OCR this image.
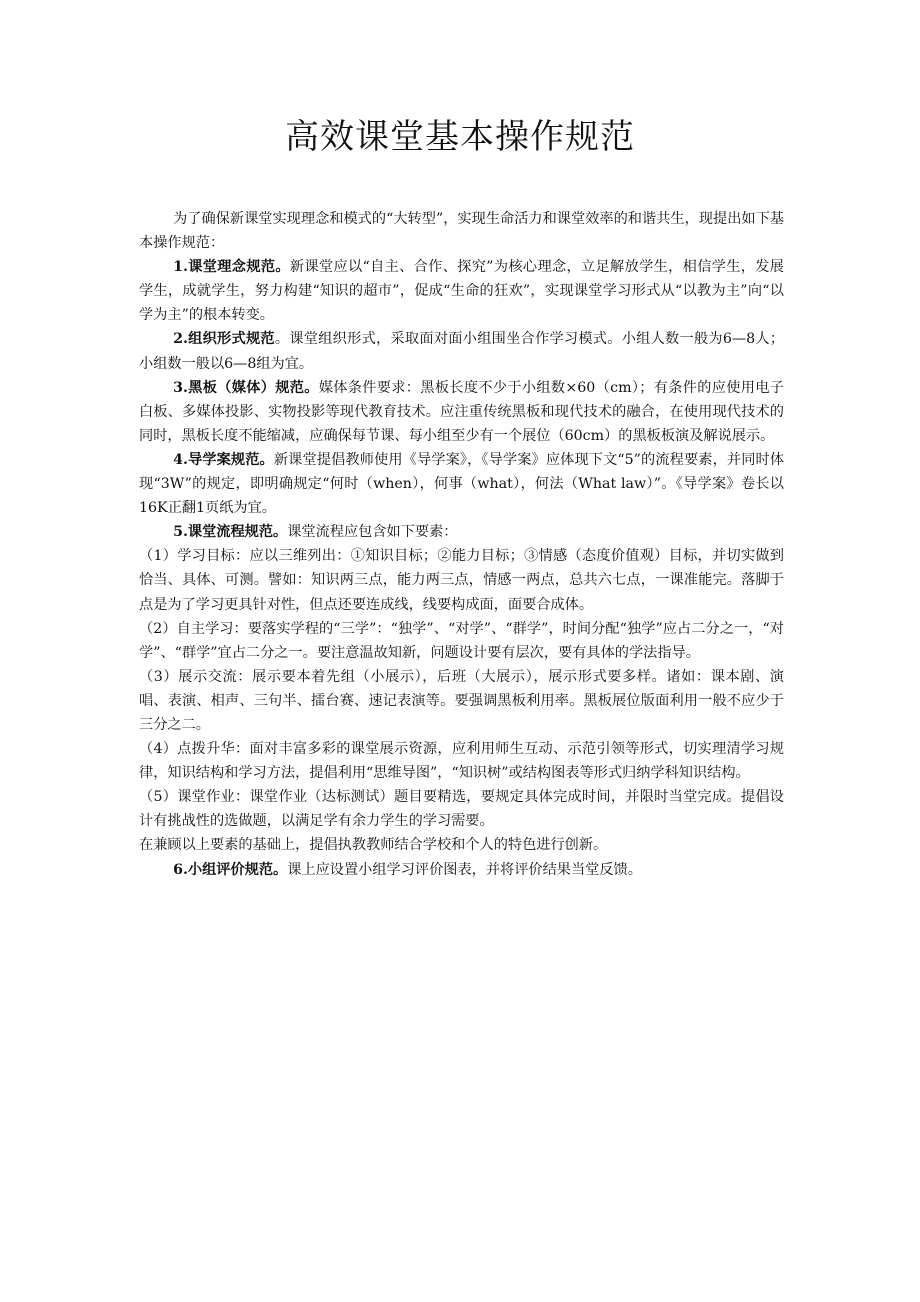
高效课堂基本操作规范

为了确保新课堂实现理念和模式的“大转型”，实现生命活力和课堂效率的和谐共生，现提出如下基本操作规范：

1.课堂理念规范。新课堂应以“自主、合作、探究”为核心理念，立足解放学生，相信学生，发展学生，成就学生，努力构建“知识的超市”，促成“生命的狂欢”，实现课堂学习形式从“以教为主”向“以学为主”的根本转变。

2.组织形式规范。课堂组织形式，采取面对面小组围坐合作学习模式。小组人数一般为6—8人；小组数一般以6—8组为宜。

3.黑板（媒体）规范。媒体条件要求：黑板长度不少于小组数×60（cm）；有条件的应使用电子白板、多媒体投影、实物投影等现代教育技术。应注重传统黑板和现代技术的融合，在使用现代技术的同时，黑板长度不能缩减，应确保每节课、每小组至少有一个展位（60cm）的黑板板演及解说展示。

4.导学案规范。新课堂提倡教师使用《导学案》，《导学案》应体现下文“5”的流程要素，并同时体现“3W”的规定，即明确规定“何时（when），何事（what），何法（What law）”。《导学案》卷长以16K正翻1页纸为宜。

5.课堂流程规范。课堂流程应包含如下要素：

（1）学习目标：应以三维列出：①知识目标；②能力目标；③情感（态度价值观）目标，并切实做到恰当、具体、可测。譬如：知识两三点，能力两三点，情感一两点，总共六七点，一课准能完。落脚于点是为了学习更具针对性，但点还要连成线，线要构成面，面要合成体。

（2）自主学习：要落实学程的“三学”：“独学”、“对学”、“群学”，时间分配“独学”应占二分之一，“对学”、“群学”宜占二分之一。要注意温故知新，问题设计要有层次，要有具体的学法指导。

（3）展示交流：展示要本着先组（小展示），后班（大展示），展示形式要多样。诸如：课本剧、演唱、表演、相声、三句半、擂台赛、速记表演等。要强调黑板利用率。黑板展位版面利用一般不应少于三分之二。

（4）点拨升华：面对丰富多彩的课堂展示资源，应利用师生互动、示范引领等形式，切实理清学习规律，知识结构和学习方法，提倡利用“思维导图”，“知识树”或结构图表等形式归纳学科知识结构。

（5）课堂作业：课堂作业（达标测试）题目要精选，要规定具体完成时间，并限时当堂完成。提倡设计有挑战性的选做题，以满足学有余力学生的学习需要。

在兼顾以上要素的基础上，提倡执教教师结合学校和个人的特色进行创新。

6.小组评价规范。课上应设置小组学习评价图表，并将评价结果当堂反馈。
